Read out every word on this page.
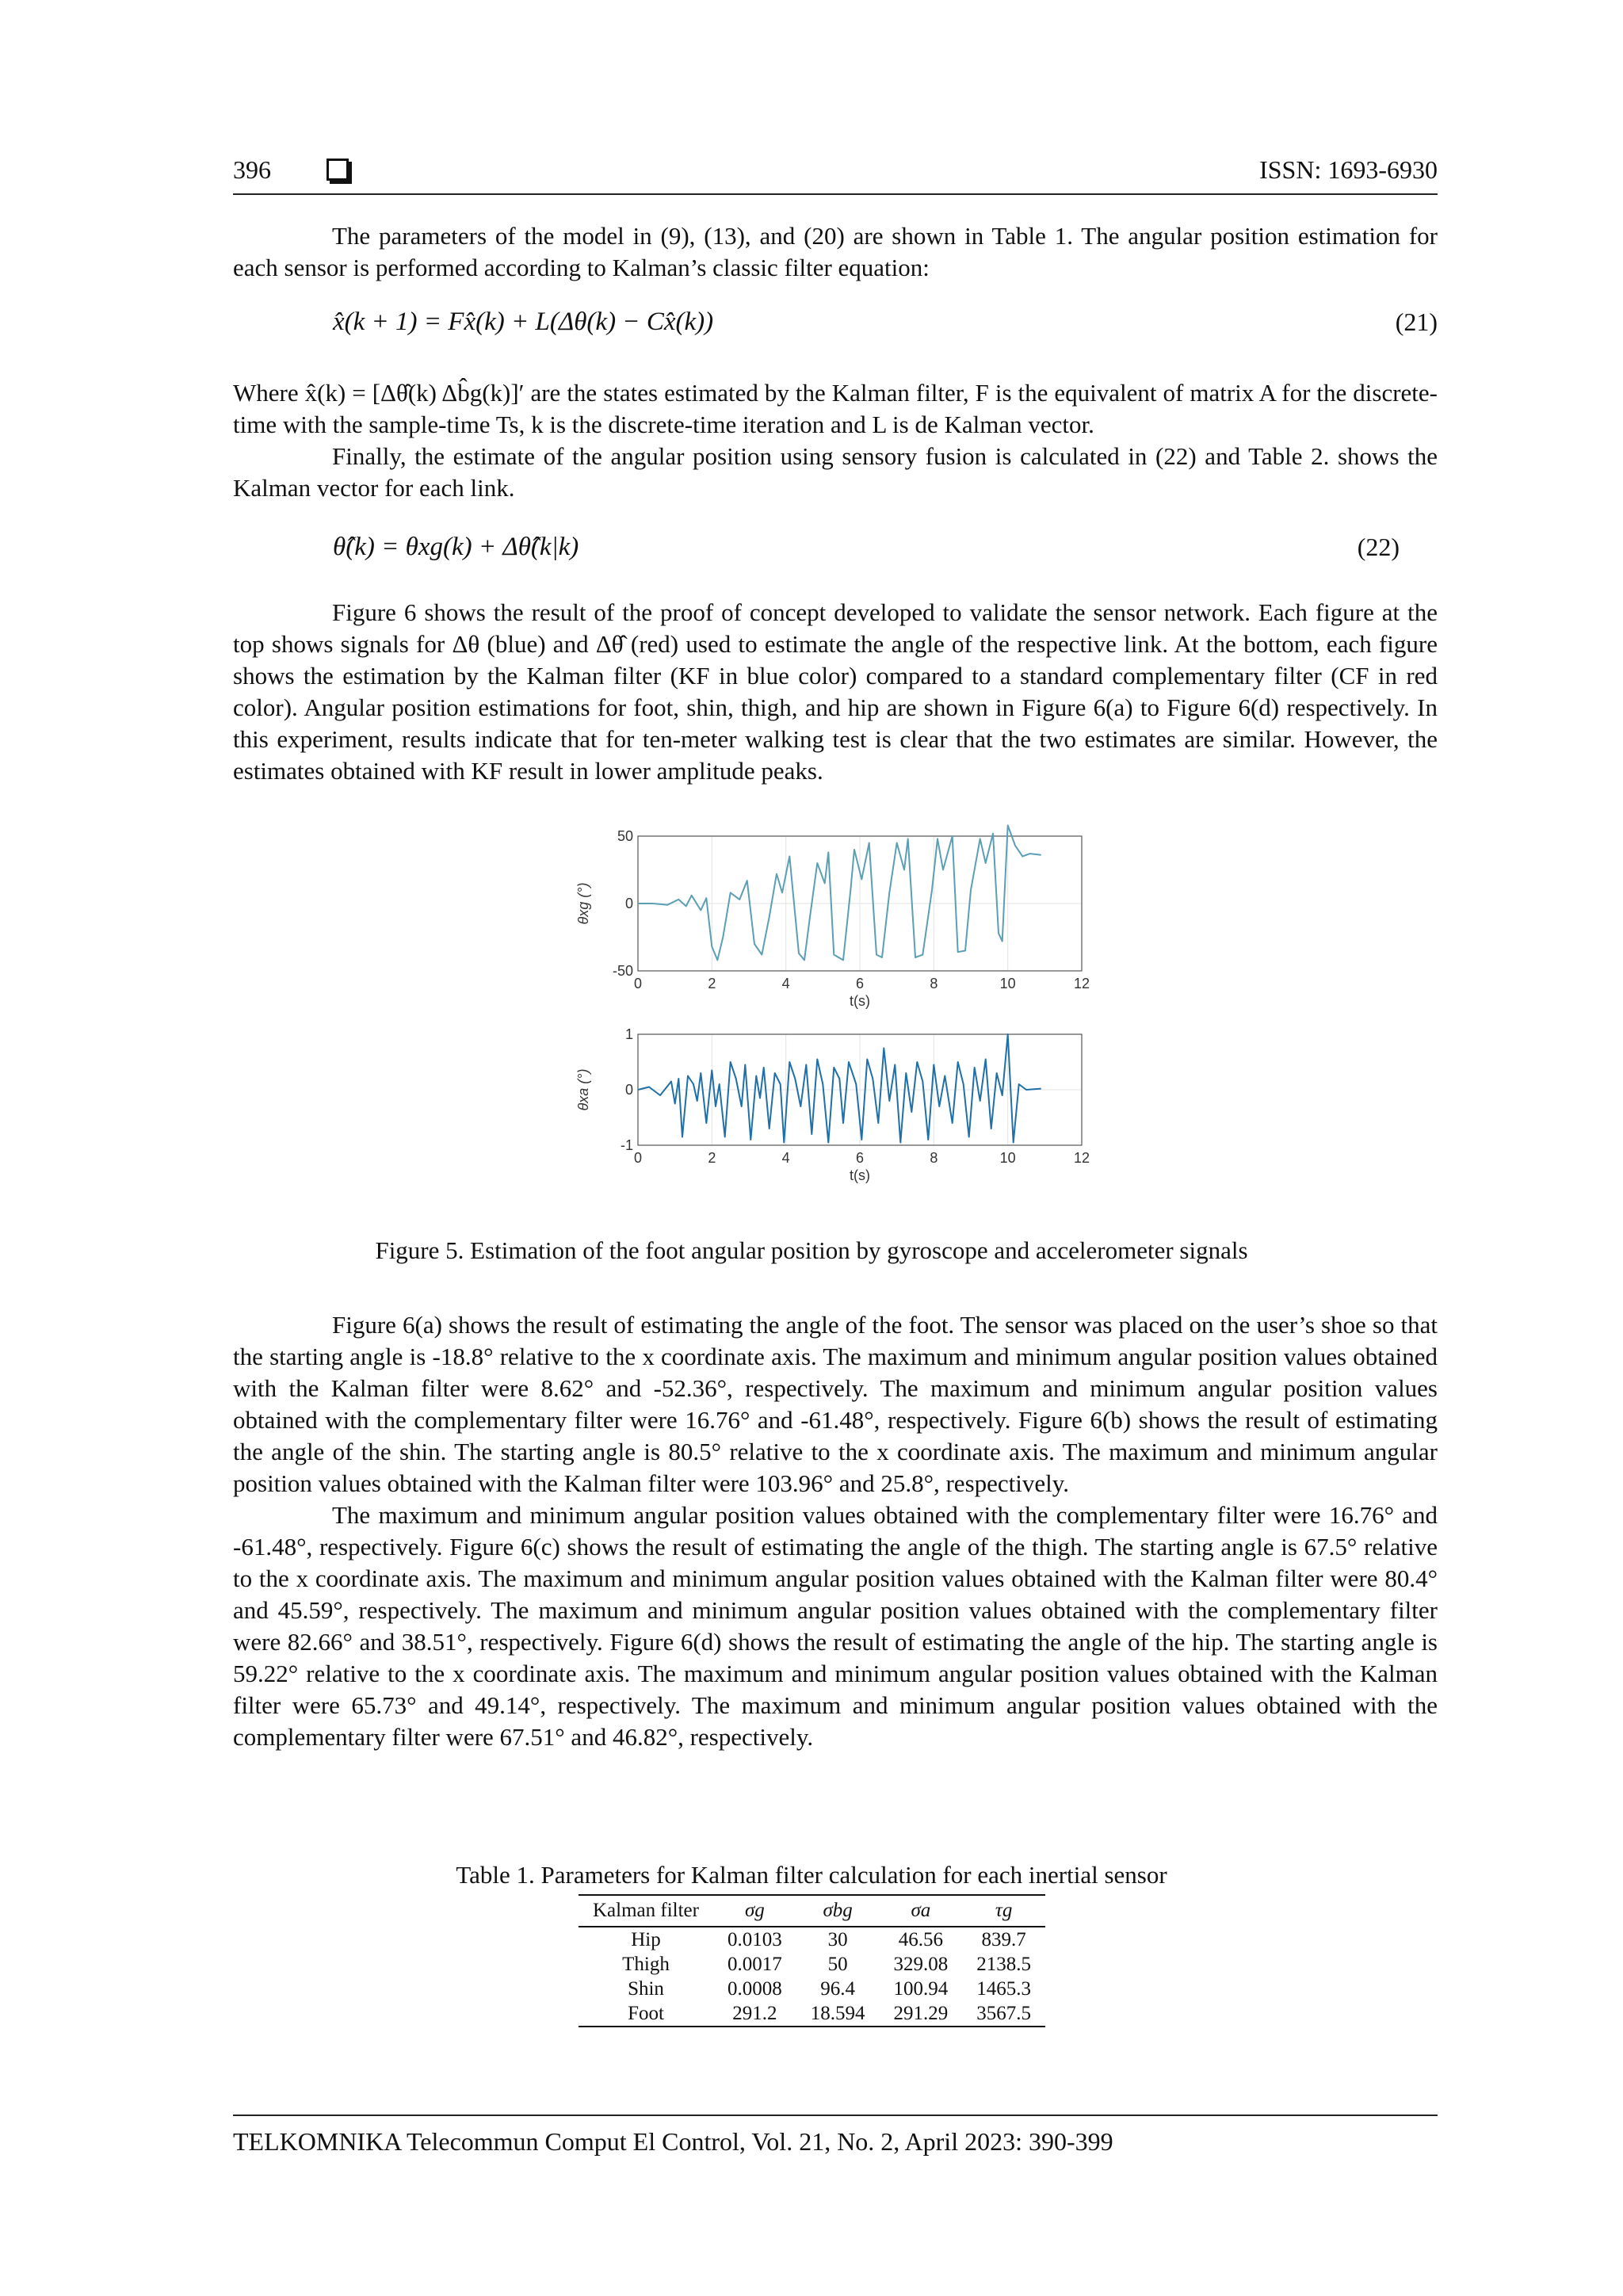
396	ISSN: 1693-6930

The parameters of the model in (9), (13), and (20) are shown in Table 1. The angular position estimation for each sensor is performed according to Kalman’s classic filter equation:

x̂(k + 1) = Fx̂(k) + L(Δθ(k) − Cx̂(k))	(21)
Where x̂(k) = [Δθ̂(k) Δb̂g(k)]′ are the states estimated by the Kalman filter, F is the equivalent of matrix A for the discrete-time with the sample-time Ts, k is the discrete-time iteration and L is de Kalman vector.

Finally, the estimate of the angular position using sensory fusion is calculated in (22) and Table 2. shows the Kalman vector for each link.

θ̂(k) = θxg(k) + Δθ̂(k|k)	(22)

Figure 6 shows the result of the proof of concept developed to validate the sensor network. Each figure at the top shows signals for Δθ (blue) and Δθ̂ (red) used to estimate the angle of the respective link. At the bottom, each figure shows the estimation by the Kalman filter (KF in blue color) compared to a standard complementary filter (CF in red color). Angular position estimations for foot, shin, thigh, and hip are shown in Figure 6(a) to Figure 6(d) respectively. In this experiment, results indicate that for ten-meter walking test is clear that the two estimates are similar. However, the estimates obtained with KF result in lower amplitude peaks.

0	2	4	6	8	10	12
50
0
-50
t(s)
θxg (°)
0	2	4	6	8	10	12
1
0
-1
t(s)
θxa (°)
Figure 5. Estimation of the foot angular position by gyroscope and accelerometer signals

Figure 6(a) shows the result of estimating the angle of the foot. The sensor was placed on the user’s shoe so that the starting angle is -18.8° relative to the x coordinate axis. The maximum and minimum angular position values obtained with the Kalman filter were 8.62° and -52.36°, respectively. The maximum and minimum angular position values obtained with the complementary filter were 16.76° and -61.48°, respectively. Figure 6(b) shows the result of estimating the angle of the shin. The starting angle is 80.5° relative to the x coordinate axis. The maximum and minimum angular position values obtained with the Kalman filter were 103.96° and 25.8°, respectively.

The maximum and minimum angular position values obtained with the complementary filter were 16.76° and -61.48°, respectively. Figure 6(c) shows the result of estimating the angle of the thigh. The starting angle is 67.5° relative to the x coordinate axis. The maximum and minimum angular position values obtained with the Kalman filter were 80.4° and 45.59°, respectively. The maximum and minimum angular position values obtained with the complementary filter were 82.66° and 38.51°, respectively. Figure 6(d) shows the result of estimating the angle of the hip. The starting angle is 59.22° relative to the x coordinate axis. The maximum and minimum angular position values obtained with the Kalman filter were 65.73° and 49.14°, respectively. The maximum and minimum angular position values obtained with the complementary filter were 67.51° and 46.82°, respectively.

Table 1. Parameters for Kalman filter calculation for each inertial sensor
Kalman filter	σg	σbg	σa	τg
Hip	0.0103	30	46.56	839.7
Thigh	0.0017	50	329.08	2138.5
Shin	0.0008	96.4	100.94	1465.3
Foot	291.2	18.594	291.29	3567.5
TELKOMNIKA Telecommun Comput El Control, Vol. 21, No. 2, April 2023: 390-399
